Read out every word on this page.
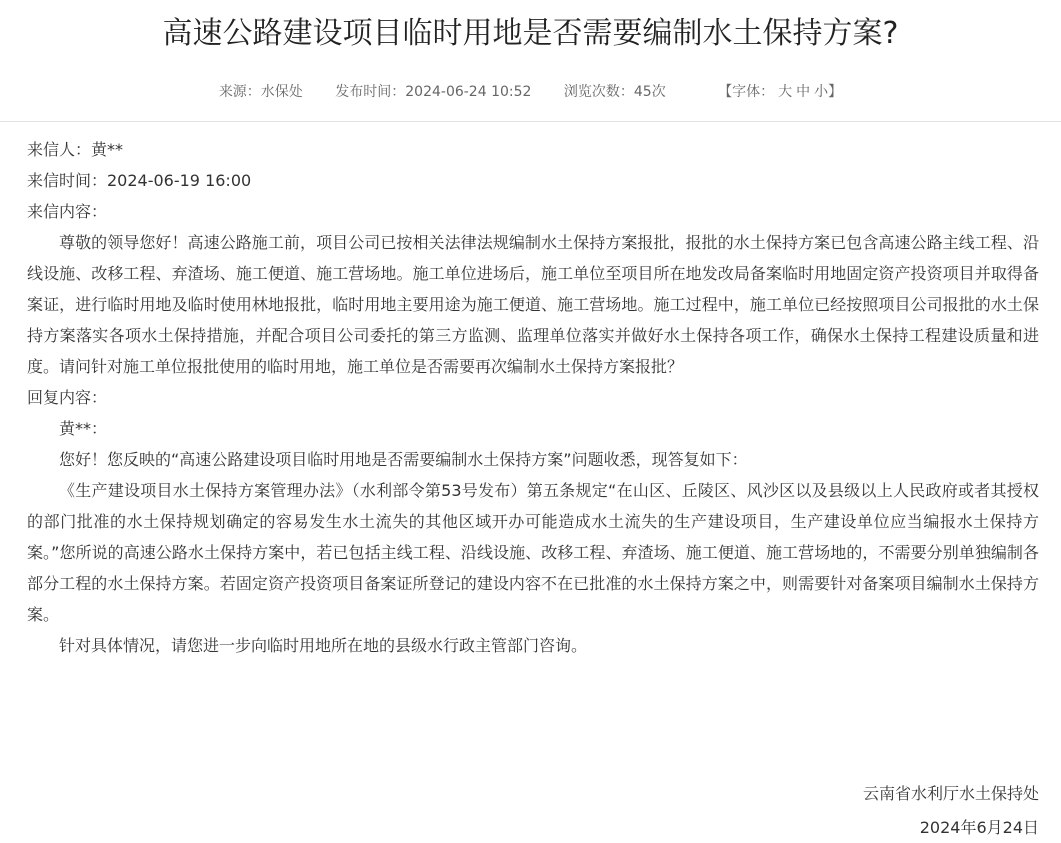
高速公路建设项目临时用地是否需要编制水土保持方案?
来源：水保处 发布时间：2024-06-24 10:52 浏览次数：45次	【字体： 大 中 小】

来信人：黄**

来信时间：2024-06-19 16:00

来信内容：

尊敬的领导您好！高速公路施工前，项目公司已按相关法律法规编制水土保持方案报批，报批的水土保持方案已包含高速公路主线工程、沿线设施、改移工程、弃渣场、施工便道、施工营场地。施工单位进场后，施工单位至项目所在地发改局备案临时用地固定资产投资项目并取得备案证，进行临时用地及临时使用林地报批，临时用地主要用途为施工便道、施工营场地。施工过程中，施工单位已经按照项目公司报批的水土保持方案落实各项水土保持措施，并配合项目公司委托的第三方监测、监理单位落实并做好水土保持各项工作，确保水土保持工程建设质量和进度。请问针对施工单位报批使用的临时用地，施工单位是否需要再次编制水土保持方案报批？

回复内容：

黄**：

您好！您反映的“高速公路建设项目临时用地是否需要编制水土保持方案”问题收悉，现答复如下：

《生产建设项目水土保持方案管理办法》（水利部令第53号发布）第五条规定“在山区、丘陵区、风沙区以及县级以上人民政府或者其授权的部门批准的水土保持规划确定的容易发生水土流失的其他区域开办可能造成水土流失的生产建设项目，生产建设单位应当编报水土保持方案。”您所说的高速公路水土保持方案中，若已包括主线工程、沿线设施、改移工程、弃渣场、施工便道、施工营场地的，不需要分别单独编制各部分工程的水土保持方案。若固定资产投资项目备案证所登记的建设内容不在已批准的水土保持方案之中，则需要针对备案项目编制水土保持方案。

针对具体情况，请您进一步向临时用地所在地的县级水行政主管部门咨询。

云南省水利厅水土保持处
2024年6月24日
